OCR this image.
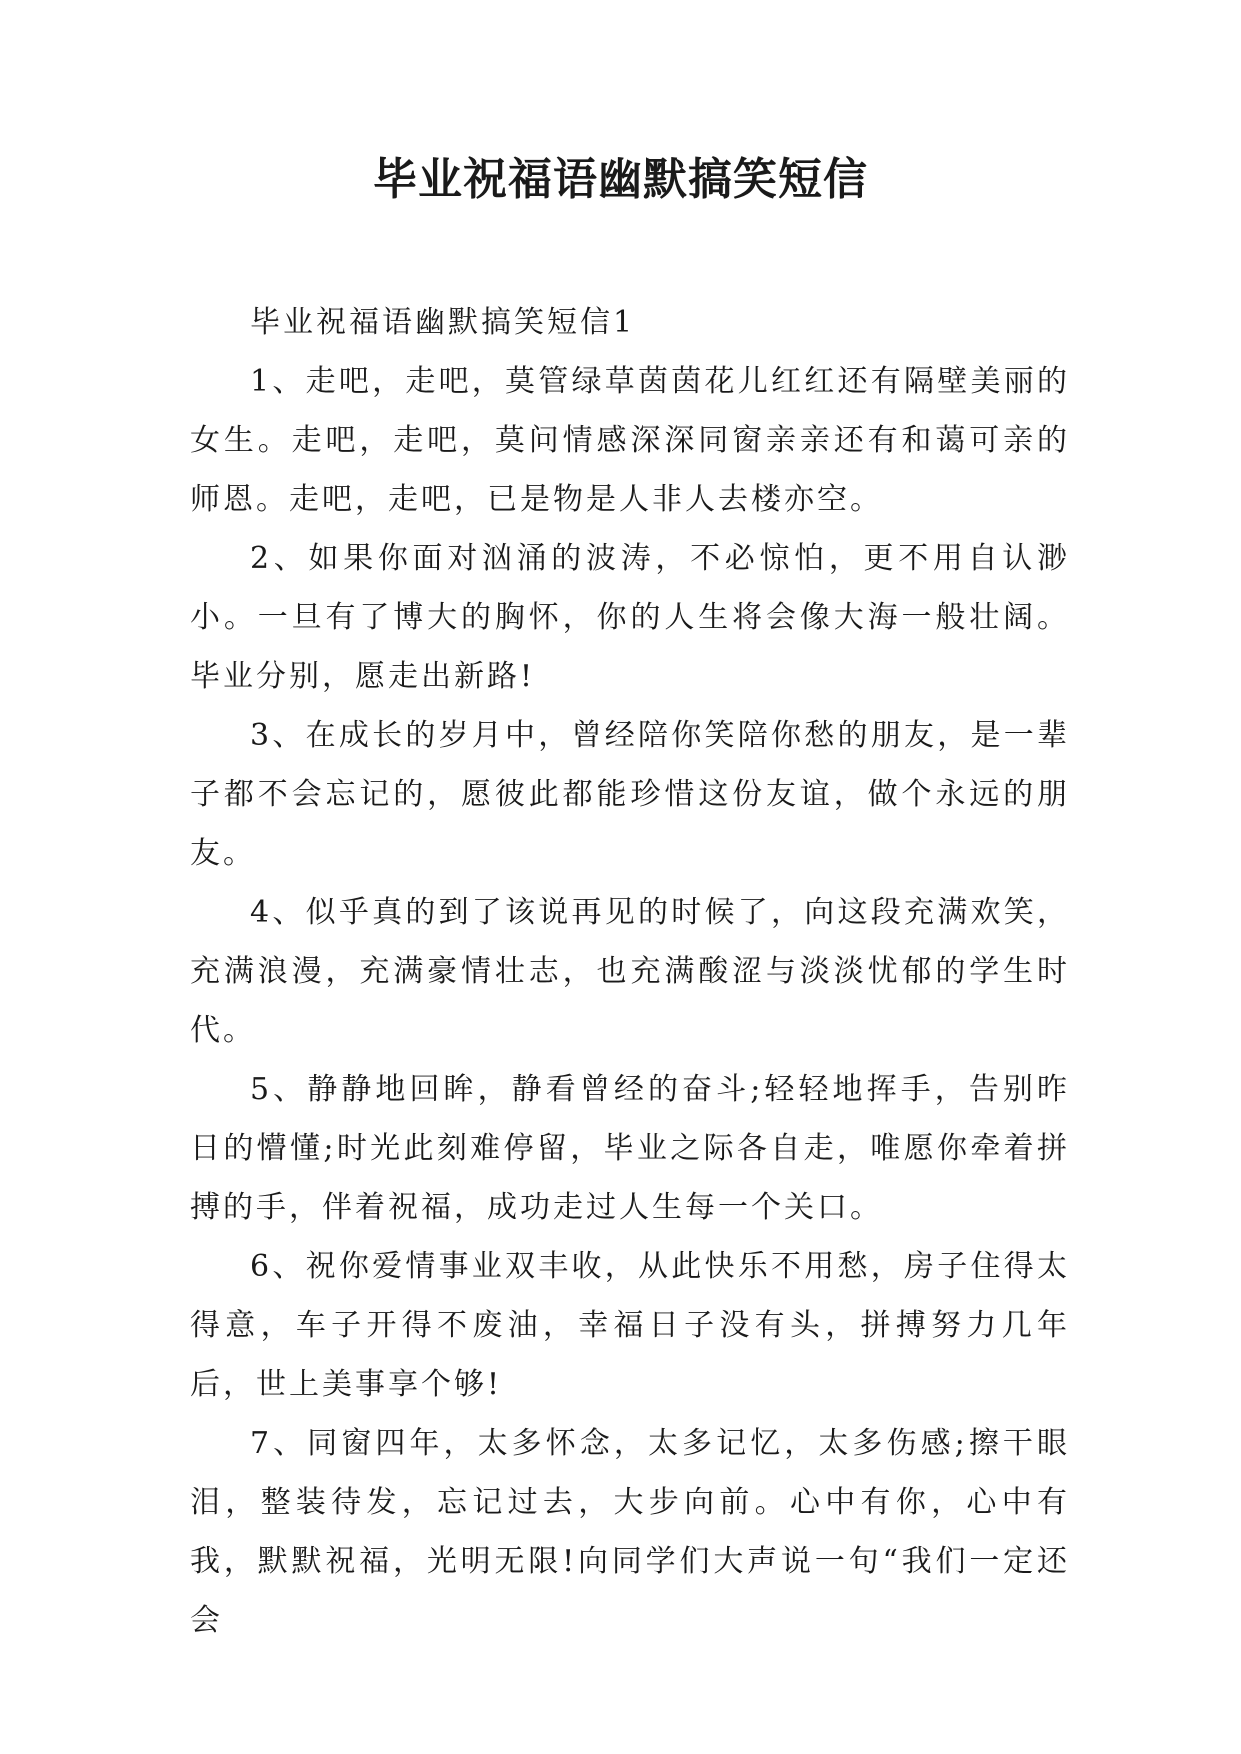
毕业祝福语幽默搞笑短信
毕业祝福语幽默搞笑短信1

1、走吧，走吧，莫管绿草茵茵花儿红红还有隔壁美丽的女生。走吧，走吧，莫问情感深深同窗亲亲还有和蔼可亲的师恩。走吧，走吧，已是物是人非人去楼亦空。

2、如果你面对汹涌的波涛，不必惊怕，更不用自认渺小。一旦有了博大的胸怀，你的人生将会像大海一般壮阔。毕业分别，愿走出新路!

3、在成长的岁月中，曾经陪你笑陪你愁的朋友，是一辈子都不会忘记的，愿彼此都能珍惜这份友谊，做个永远的朋友。

4、似乎真的到了该说再见的时候了，向这段充满欢笑，充满浪漫，充满豪情壮志，也充满酸涩与淡淡忧郁的学生时代。

5、静静地回眸，静看曾经的奋斗;轻轻地挥手，告别昨日的懵懂;时光此刻难停留，毕业之际各自走，唯愿你牵着拼搏的手，伴着祝福，成功走过人生每一个关口。

6、祝你爱情事业双丰收，从此快乐不用愁，房子住得太得意，车子开得不废油，幸福日子没有头，拼搏努力几年后，世上美事享个够!

7、同窗四年，太多怀念，太多记忆，太多伤感;擦干眼泪，整装待发，忘记过去，大步向前。心中有你，心中有我，默默祝福，光明无限!向同学们大声说一句“我们一定还会
